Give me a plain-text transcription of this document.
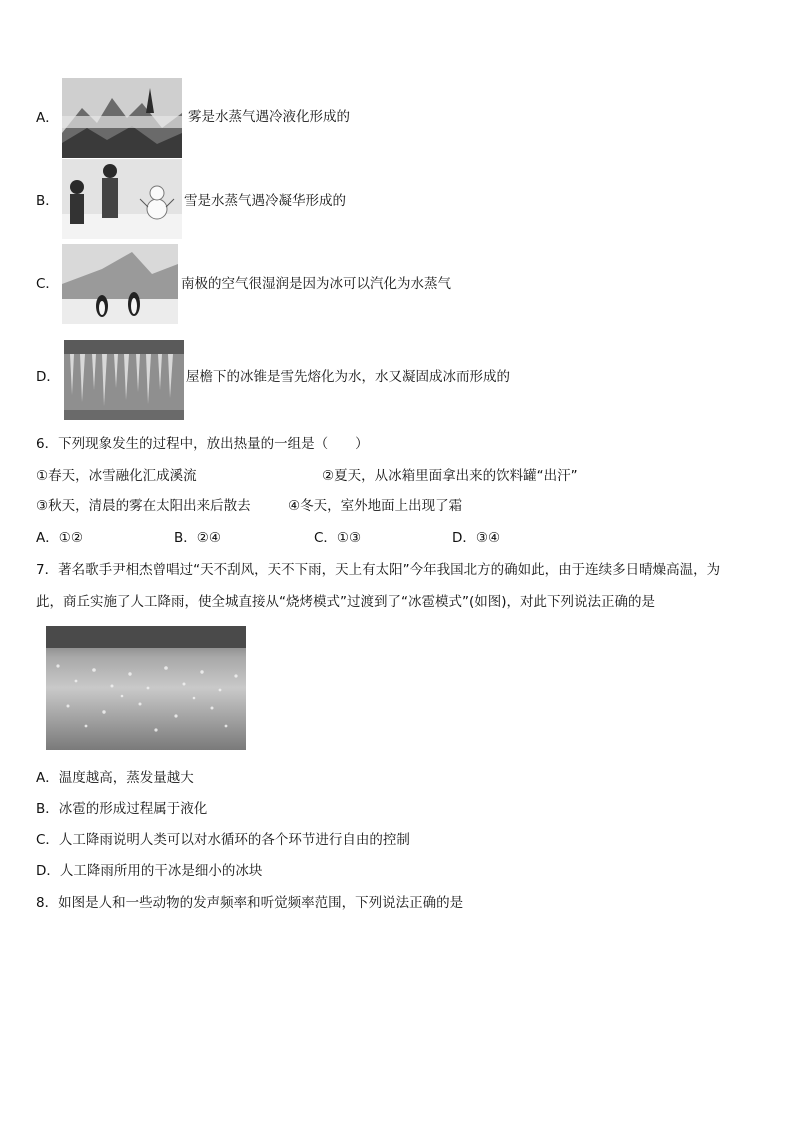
A．	雾是水蒸气遇冷液化形成的
B．	雪是水蒸气遇冷凝华形成的
C．	南极的空气很湿润是因为冰可以汽化为水蒸气
D．	屋檐下的冰锥是雪先熔化为水，水又凝固成冰而形成的
6．下列现象发生的过程中，放出热量的一组是（　　）
①春天，冰雪融化汇成溪流	②夏天，从冰箱里面拿出来的饮料罐“出汗”
③秋天，清晨的雾在太阳出来后散去	④冬天，室外地面上出现了霜
A．①②	B．②④	C．①③	D．③④
7．著名歌手尹相杰曾唱过“天不刮风，天不下雨，天上有太阳”今年我国北方的确如此，由于连续多日晴燥高温，为
此，商丘实施了人工降雨，使全城直接从“烧烤模式”过渡到了“冰雹模式”(如图)，对此下列说法正确的是
A．温度越高，蒸发量越大
B．冰雹的形成过程属于液化
C．人工降雨说明人类可以对水循环的各个环节进行自由的控制
D．人工降雨所用的干冰是细小的冰块
8．如图是人和一些动物的发声频率和听觉频率范围，下列说法正确的是
